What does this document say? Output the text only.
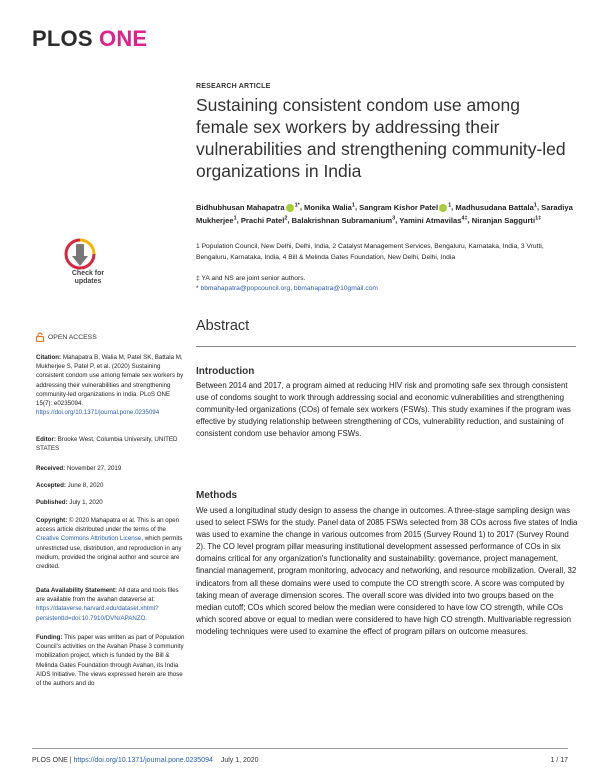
PLOS ONE
RESEARCH ARTICLE
Sustaining consistent condom use among female sex workers by addressing their vulnerabilities and strengthening community-led organizations in India
Bidhubhusan Mahapatra $^{1*}$, Monika Walia$^1$, Sangram Kishor Patel $^1$, Madhusudana Battala$^1$, Saradiya Mukherjee$^1$, Prachi Patel$^2$, Balakrishnan Subramanium$^3$, Yamini Atmavilas$^{4\ddagger}$, Niranjan Saggurti$^{1\ddagger}$
1 Population Council, New Delhi, Delhi, India, 2 Catalyst Management Services, Bengaluru, Karnataka, India, 3 Vrutti, Bengaluru, Karnataka, India, 4 Bill & Melinda Gates Foundation, New Delhi, Delhi, India
‡ YA and NS are joint senior authors.
* bbmahapatra@popcouncil.org, bbmahapatra@10gmail.com
Check for updates
OPEN ACCESS
Citation: Mahapatra B, Walia M, Patel SK, Battala M, Mukherjee S, Patel P, et al. (2020) Sustaining consistent condom use among female sex workers by addressing their vulnerabilities and strengthening community-led organizations in India. PLoS ONE 15(7): e0235094. https://doi.org/10.1371/journal.pone.0235094
Editor: Brooke West, Columbia University, UNITED STATES
Received: November 27, 2019
Accepted: June 8, 2020
Published: July 1, 2020
Copyright: © 2020 Mahapatra et al. This is an open access article distributed under the terms of the Creative Commons Attribution License, which permits unrestricted use, distribution, and reproduction in any medium, provided the original author and source are credited.
Data Availability Statement: All data and tools files are available from the avahan dataverse at: https://dataverse.harvard.edu/dataset.xhtml?persistentId=doi:10.7910/DVN/APANZO.
Funding: This paper was written as part of Population Council's activities on the Avahan Phase 3 community mobilization project, which is funded by the Bill & Melinda Gates Foundation through Avahan, its India AIDS Initiative. The views expressed herein are those of the authors and do
Abstract
Introduction
Between 2014 and 2017, a program aimed at reducing HIV risk and promoting safe sex through consistent use of condoms sought to work through addressing social and economic vulnerabilities and strengthening community-led organizations (COs) of female sex workers (FSWs). This study examines if the program was effective by studying relationship between strengthening of COs, vulnerability reduction, and sustaining of consistent condom use behavior among FSWs.
Methods
We used a longitudinal study design to assess the change in outcomes. A three-stage sampling design was used to select FSWs for the study. Panel data of 2085 FSWs selected from 38 COs across five states of India was used to examine the change in various outcomes from 2015 (Survey Round 1) to 2017 (Survey Round 2). The CO level program pillar measuring institutional development assessed performance of COs in six domains critical for any organization's functionality and sustainability: governance, project management, financial management, program monitoring, advocacy and networking, and resource mobilization. Overall, 32 indicators from all these domains were used to compute the CO strength score. A score was computed by taking mean of average dimension scores. The overall score was divided into two groups based on the median cutoff; COs which scored below the median were considered to have low CO strength, while COs which scored above or equal to median were considered to have high CO strength. Multivariable regression modeling techniques were used to examine the effect of program pillars on outcome measures.
PLOS ONE | https://doi.org/10.1371/journal.pone.0235094 July 1, 2020	1 / 17
